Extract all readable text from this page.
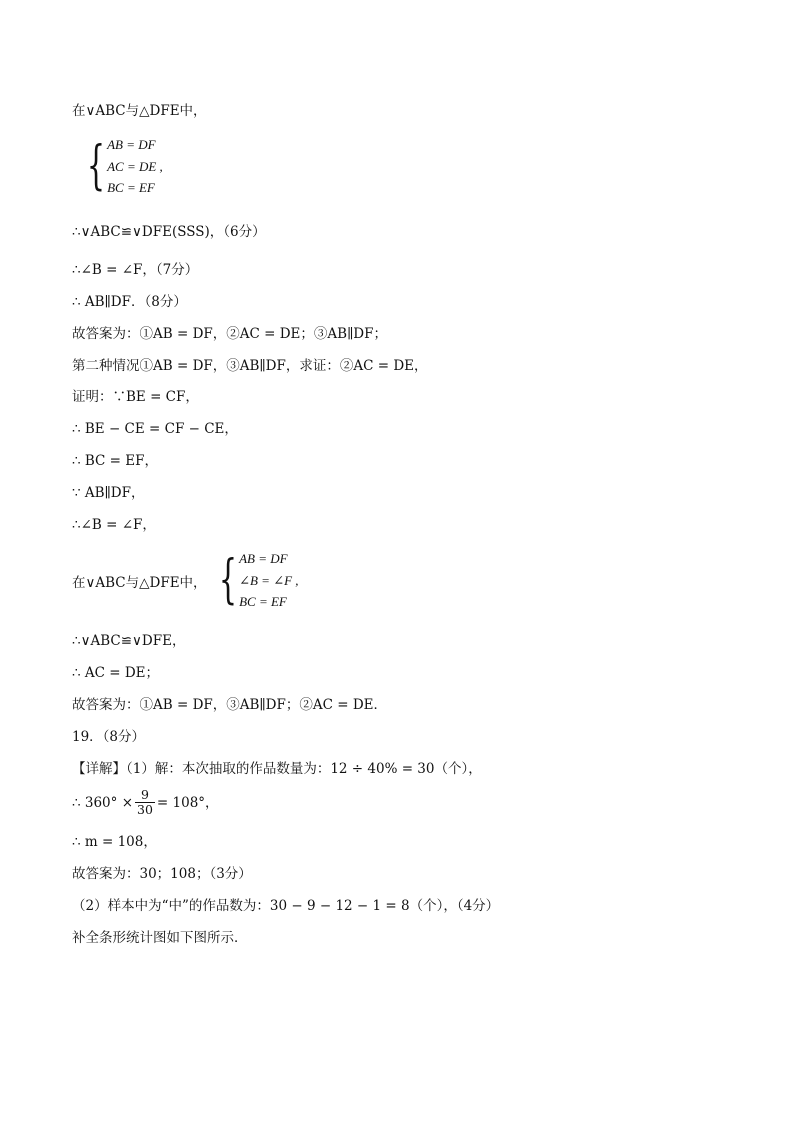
在∨ABC与△DFE中，
{ AB = DF
AC = DE ,
BC = EF
∴∨ABC≌∨DFE(SSS)，（6分）
∴∠B = ∠F，（7分）
∴ AB∥DF．（8分）
故答案为：①AB = DF，②AC = DE；③AB∥DF；
第二种情况①AB = DF，③AB∥DF，求证：②AC = DE，
证明：∵BE = CF，
∴ BE − CE = CF − CE，
∴ BC = EF，
∵ AB∥DF，
∴∠B = ∠F，
在∨ABC与△DFE中， { AB = DF
∠B = ∠F ,
BC = EF
∴∨ABC≌∨DFE，
∴ AC = DE；
故答案为：①AB = DF，③AB∥DF；②AC = DE．
19．（8分）
【详解】（1）解：本次抽取的作品数量为：12 ÷ 40% = 30（个），
∴ $360^\circ \times \frac{9}{30} = 108^\circ$，
∴ m = 108，
故答案为：30；108；（3分）
（2）样本中为“中”的作品数为：30 − 9 − 12 − 1 = 8（个），（4分）
补全条形统计图如下图所示．
